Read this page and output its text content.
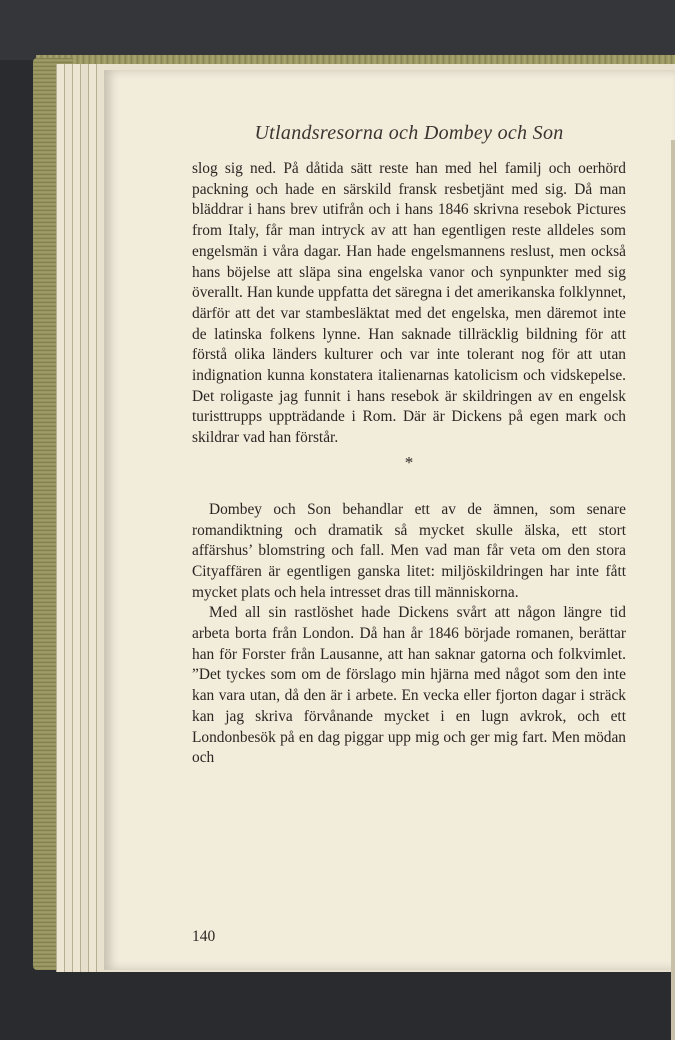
Utlandsresorna och Dombey och Son

slog sig ned. På dåtida sätt reste han med hel familj och oerhörd packning och hade en särskild fransk resbetjänt med sig. Då man bläddrar i hans brev utifrån och i hans 1846 skrivna resebok Pictures from Italy, får man intryck av att han egentligen reste alldeles som engelsmän i våra dagar. Han hade engelsmannens reslust, men också hans böjelse att släpa sina engelska vanor och synpunkter med sig överallt. Han kunde uppfatta det säregna i det amerikanska folklynnet, därför att det var stambesläktat med det engelska, men däremot inte de latinska folkens lynne. Han saknade tillräcklig bildning för att förstå olika länders kulturer och var inte tolerant nog för att utan indignation kunna konstatera italienarnas katolicism och vidskepelse. Det roligaste jag funnit i hans resebok är skildringen av en engelsk turisttrupps uppträdande i Rom. Där är Dickens på egen mark och skildrar vad han förstår.

*

Dombey och Son behandlar ett av de ämnen, som senare romandiktning och dramatik så mycket skulle älska, ett stort affärshus’ blomstring och fall. Men vad man får veta om den stora Cityaffären är egentligen ganska litet: miljöskildringen har inte fått mycket plats och hela intresset dras till människorna.

Med all sin rastlöshet hade Dickens svårt att någon längre tid arbeta borta från London. Då han år 1846 började romanen, berättar han för Forster från Lausanne, att han saknar gatorna och folkvimlet. ”Det tyckes som om de förslago min hjärna med något som den inte kan vara utan, då den är i arbete. En vecka eller fjorton dagar i sträck kan jag skriva förvånande mycket i en lugn avkrok, och ett Londonbesök på en dag piggar upp mig och ger mig fart. Men mödan och

140
